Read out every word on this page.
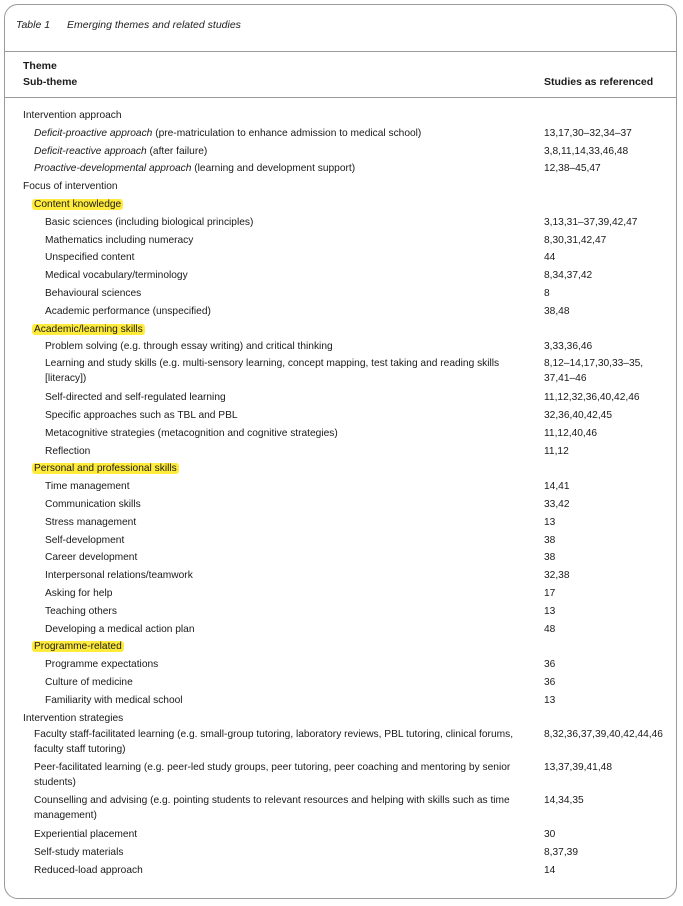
Table 1 Emerging themes and related studies
Theme
Sub-theme	Studies as referenced
Intervention approach
Deficit-proactive approach (pre-matriculation to enhance admission to medical school)	13,17,30–32,34–37
Deficit-reactive approach (after failure)	3,8,11,14,33,46,48
Proactive-developmental approach (learning and development support)	12,38–45,47
Focus of intervention
Content knowledge
Basic sciences (including biological principles)	3,13,31–37,39,42,47
Mathematics including numeracy	8,30,31,42,47
Unspecified content	44
Medical vocabulary/terminology	8,34,37,42
Behavioural sciences	8
Academic performance (unspecified)	38,48
Academic/learning skills
Problem solving (e.g. through essay writing) and critical thinking	3,33,36,46
Learning and study skills (e.g. multi-sensory learning, concept mapping, test taking and reading skills [literacy])
8,12–14,17,30,33–35, 37,41–46
Self-directed and self-regulated learning	11,12,32,36,40,42,46
Specific approaches such as TBL and PBL	32,36,40,42,45
Metacognitive strategies (metacognition and cognitive strategies)	11,12,40,46
Reflection	11,12
Personal and professional skills
Time management	14,41
Communication skills	33,42
Stress management	13
Self-development	38
Career development	38
Interpersonal relations/teamwork	32,38
Asking for help	17
Teaching others	13
Developing a medical action plan	48
Programme-related
Programme expectations	36
Culture of medicine	36
Familiarity with medical school	13
Intervention strategies
Faculty staff-facilitated learning (e.g. small-group tutoring, laboratory reviews, PBL tutoring, clinical forums, faculty staff tutoring)
8,32,36,37,39,40,42,44,46
Peer-facilitated learning (e.g. peer-led study groups, peer tutoring, peer coaching and mentoring by senior students)
13,37,39,41,48
Counselling and advising (e.g. pointing students to relevant resources and helping with skills such as time management)
14,34,35
Experiential placement	30
Self-study materials	8,37,39
Reduced-load approach	14
